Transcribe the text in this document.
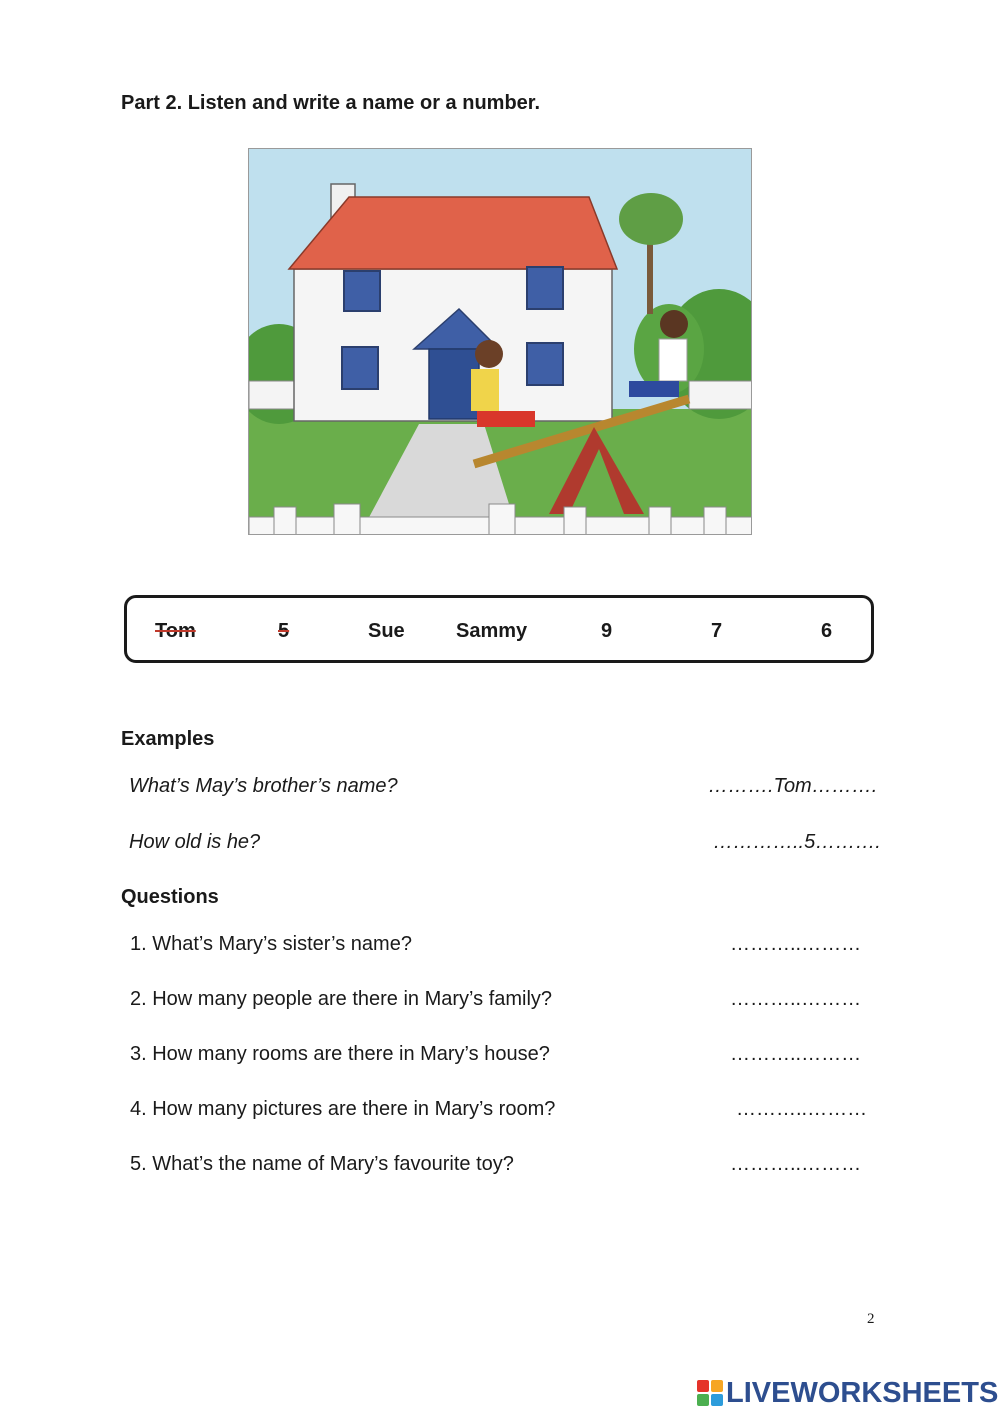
Part 2. Listen and write a name or a number.
Tom	5	Sue	Sammy	9	7	6
Examples
What’s May’s brother’s name?	……….Tom……….
How old is he?	…………..5……….
Questions
1. What’s Mary’s sister’s name?	………..………
2. How many people are there in Mary’s family?	………..………
3. How many rooms are there in Mary’s house?	………..………
4. How many pictures are there in Mary’s room?	………..………
5. What’s the name of Mary’s favourite toy?	………..………
2
LIVEWORKSHEETS
